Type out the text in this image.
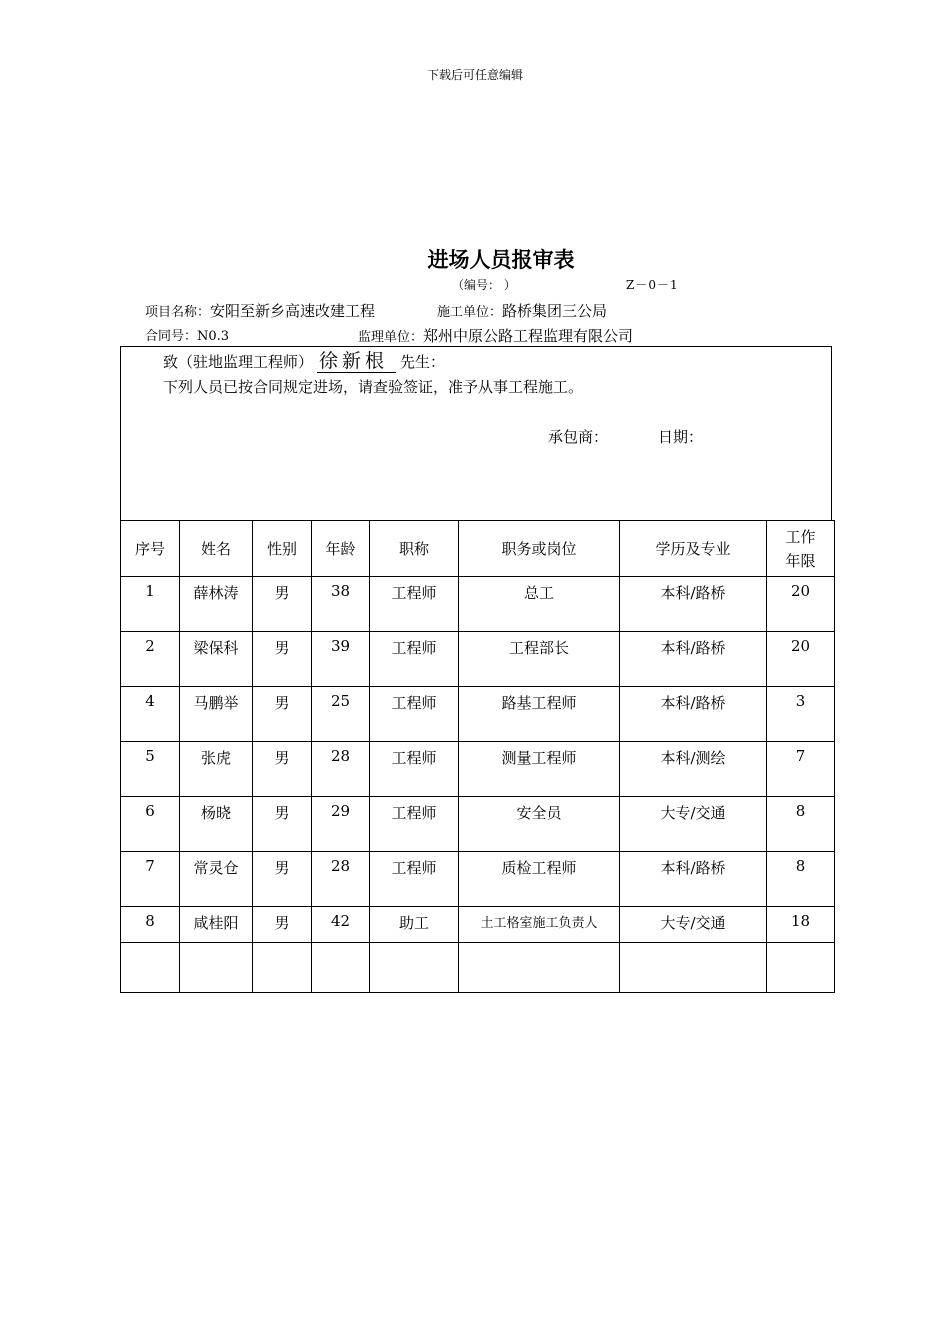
下载后可任意编辑
进场人员报审表
（编号： ）	Z－0－1
项目名称：安阳至新乡高速改建工程	施工单位：路桥集团三公局
合同号：N0.3	监理单位：郑州中原公路工程监理有限公司
致（驻地监理工程师） 徐新根 先生：
下列人员已按合同规定进场，请查验签证，准予从事工程施工。
承包商：	日期：
序号	姓名	性别	年龄	职称	职务或岗位	学历及专业	工作年限
1	薛林涛	男	38	工程师	总工	本科/路桥	20
2	梁保科	男	39	工程师	工程部长	本科/路桥	20
4	马鹏举	男	25	工程师	路基工程师	本科/路桥	3
5	张虎	男	28	工程师	测量工程师	本科/测绘	7
6	杨晓	男	29	工程师	安全员	大专/交通	8
7	常灵仓	男	28	工程师	质检工程师	本科/路桥	8
8	咸桂阳	男	42	助工	土工格室施工负责人	大专/交通	18
